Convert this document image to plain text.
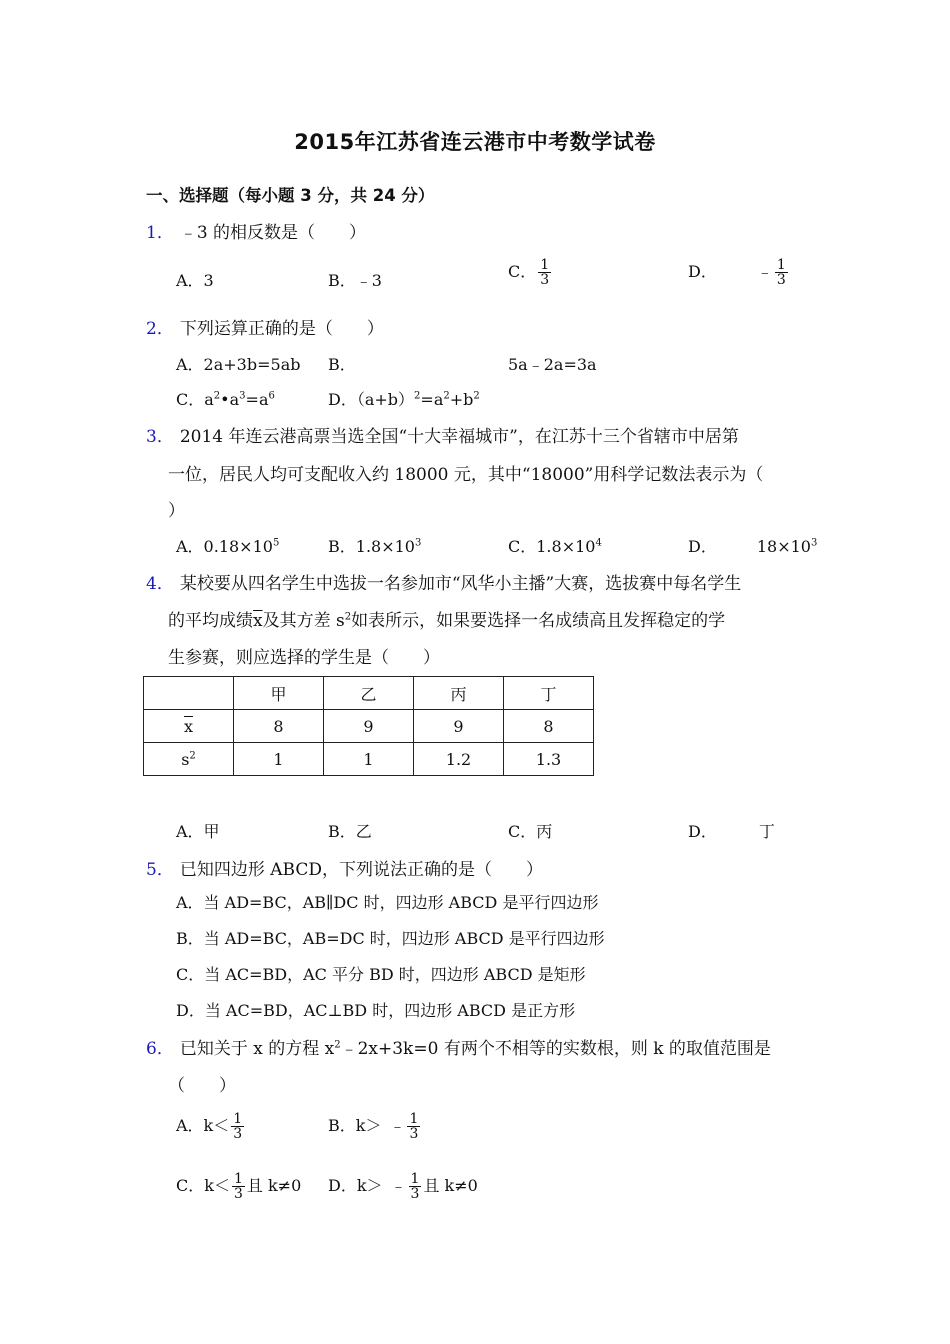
2015年江苏省连云港市中考数学试卷
一、选择题（每小题 3 分，共 24 分）
1． ﹣3 的相反数是（　　）
A．3	B．﹣3	C． $\frac{1}{3}$	D．	﹣ $\frac{1}{3}$
2． 下列运算正确的是（　　）
A．2a+3b=5ab B．	5a﹣2a=3a
C．$a^2•a^3=a^6$	D．$(a+b)^2=a^2+b^2$
3． 2014 年连云港高票当选全国“十大幸福城市”，在江苏十三个省辖市中居第
一位，居民人均可支配收入约 18000 元，其中“18000”用科学记数法表示为（
）
A．$0.18\times 10^5$	B．$1.8\times 10^3$	C．$1.8\times 10^4$	D．	$18\times 10^3$
4． 某校要从四名学生中选拔一名参加市“风华小主播”大赛，选拔赛中每名学生
的平均成绩$\overline{x}$及其方差 $s^2$如表所示，如果要选择一名成绩高且发挥稳定的学
生参赛，则应选择的学生是（　　）
	甲	乙	丙	丁
$\overline{x}$	8	9	9	8
$s^2$	1	1	1.2	1.3
A．甲	B．乙	C．丙	D．	丁
5． 已知四边形 ABCD，下列说法正确的是（　　）
A．当 AD=BC，AB∥DC 时，四边形 ABCD 是平行四边形
B．当 AD=BC，AB=DC 时，四边形 ABCD 是平行四边形
C．当 AC=BD，AC 平分 BD 时，四边形 ABCD 是矩形
D．当 AC=BD，AC⊥BD 时，四边形 ABCD 是正方形
6． 已知关于 x 的方程 $x^2﹣2x+3k=0$ 有两个不相等的实数根，则 k 的取值范围是
（　　）
A．$k< \frac{1}{3}$	B．k＞ ﹣ $\frac{1}{3}$
C．$k< \frac{1}{3}$ 且 k≠0 D．k＞ ﹣ $\frac{1}{3}$ 且 k≠0
